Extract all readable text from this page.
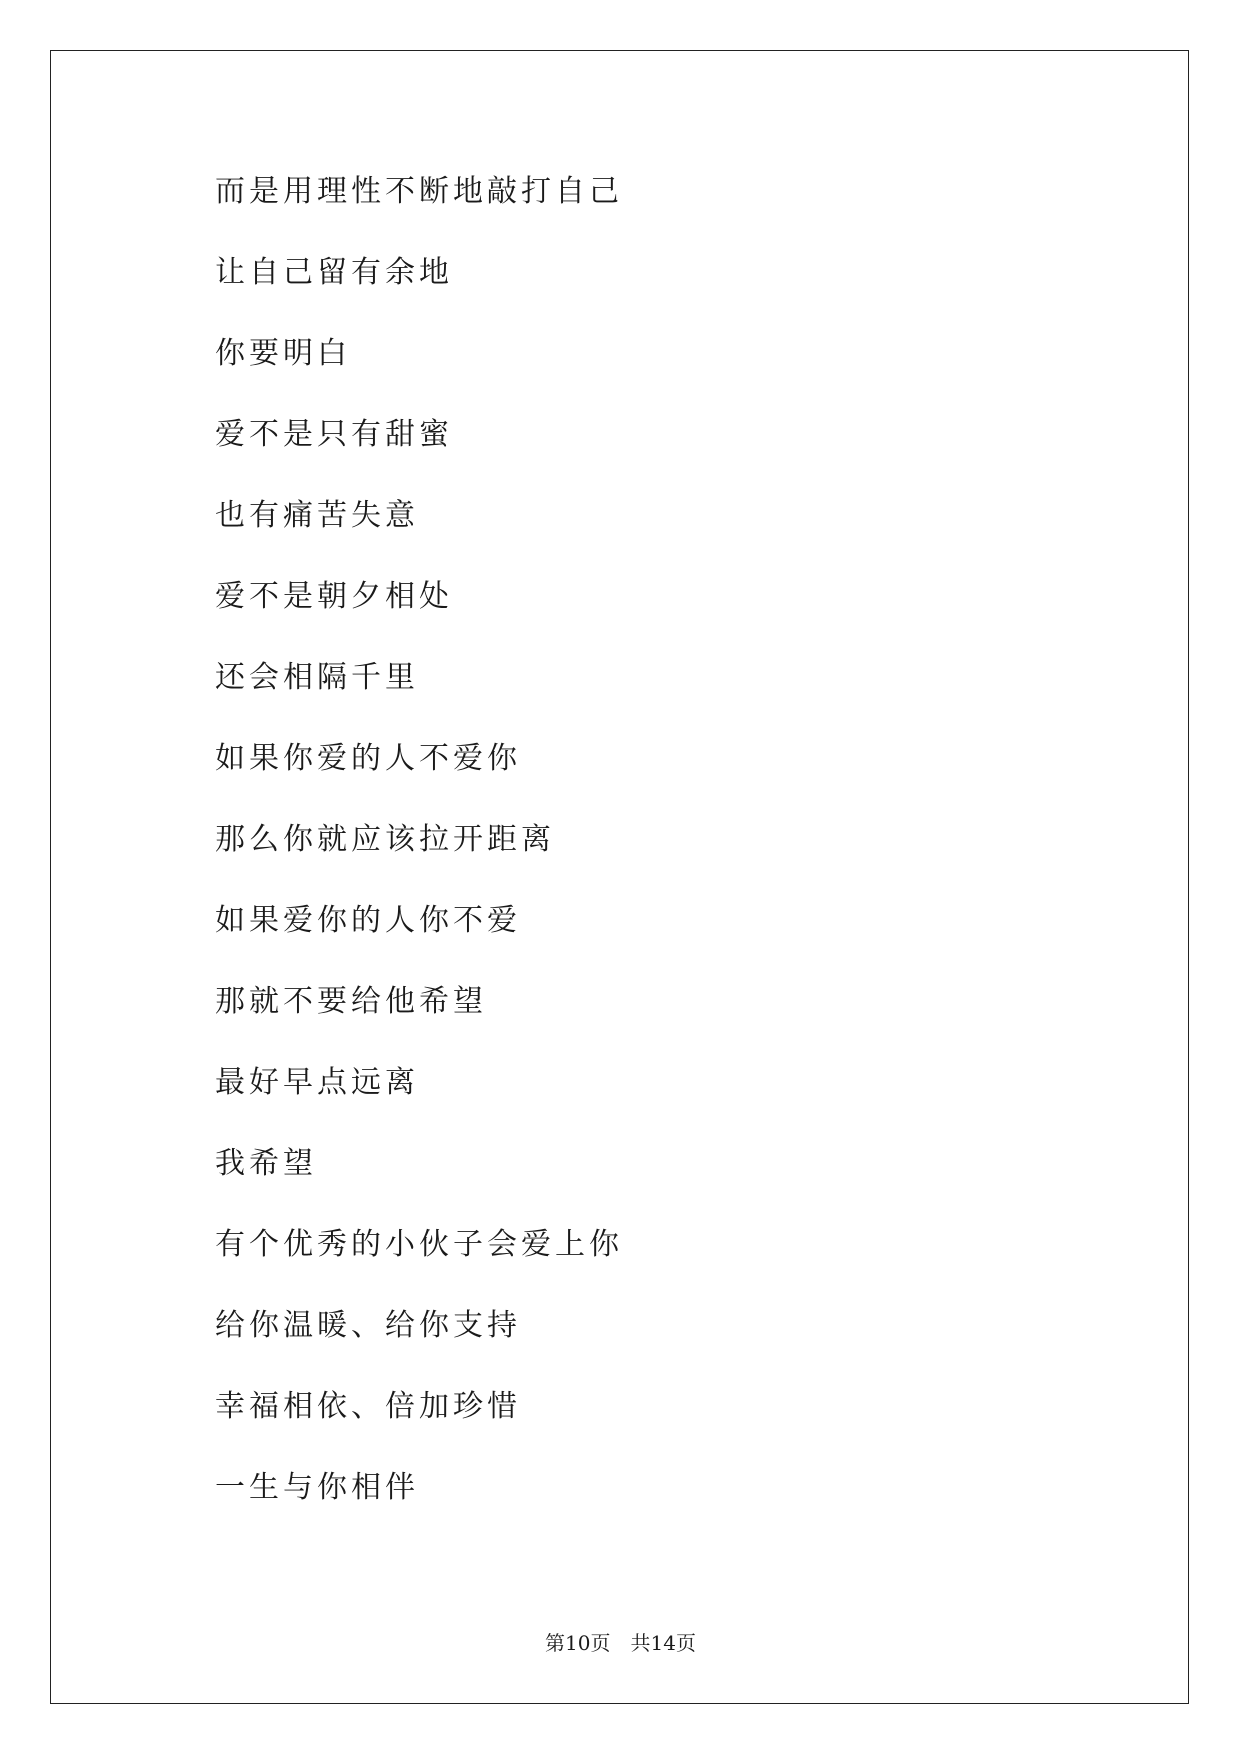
而是用理性不断地敲打自己
让自己留有余地
你要明白
爱不是只有甜蜜
也有痛苦失意
爱不是朝夕相处
还会相隔千里
如果你爱的人不爱你
那么你就应该拉开距离
如果爱你的人你不爱
那就不要给他希望
最好早点远离
我希望
有个优秀的小伙子会爱上你
给你温暖、给你支持
幸福相依、倍加珍惜
一生与你相伴
第10页　共14页
